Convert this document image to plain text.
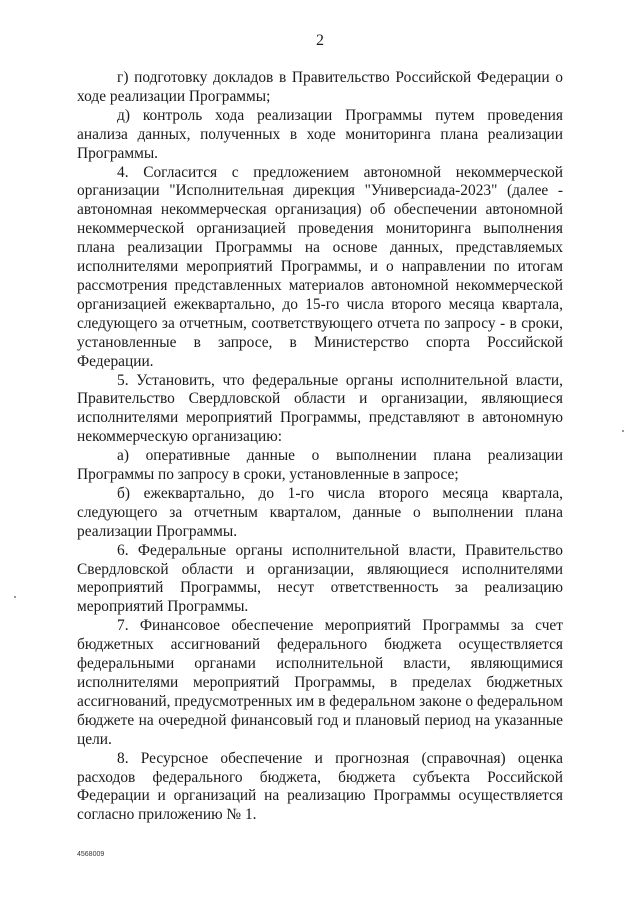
2

г) подготовку докладов в Правительство Российской Федерации о ходе реализации Программы;

д) контроль хода реализации Программы путем проведения анализа данных, полученных в ходе мониторинга плана реализации Программы.

4. Согласится с предложением автономной некоммерческой организации "Исполнительная дирекция "Универсиада-2023" (далее - автономная некоммерческая организация) об обеспечении автономной некоммерческой организацией проведения мониторинга выполнения плана реализации Программы на основе данных, представляемых исполнителями мероприятий Программы, и о направлении по итогам рассмотрения представленных материалов автономной некоммерческой организацией ежеквартально, до 15-го числа второго месяца квартала, следующего за отчетным, соответствующего отчета по запросу - в сроки, установленные в запросе, в Министерство спорта Российской Федерации.

5. Установить, что федеральные органы исполнительной власти, Правительство Свердловской области и организации, являющиеся исполнителями мероприятий Программы, представляют в автономную некоммерческую организацию:

а) оперативные данные о выполнении плана реализации Программы по запросу в сроки, установленные в запросе;

б) ежеквартально, до 1-го числа второго месяца квартала, следующего за отчетным кварталом, данные о выполнении плана реализации Программы.

6. Федеральные органы исполнительной власти, Правительство Свердловской области и организации, являющиеся исполнителями мероприятий Программы, несут ответственность за реализацию мероприятий Программы.

7. Финансовое обеспечение мероприятий Программы за счет бюджетных ассигнований федерального бюджета осуществляется федеральными органами исполнительной власти, являющимися исполнителями мероприятий Программы, в пределах бюджетных ассигнований, предусмотренных им в федеральном законе о федеральном бюджете на очередной финансовый год и плановый период на указанные цели.

8. Ресурсное обеспечение и прогнозная (справочная) оценка расходов федерального бюджета, бюджета субъекта Российской Федерации и организаций на реализацию Программы осуществляется согласно приложению № 1.

4568009
